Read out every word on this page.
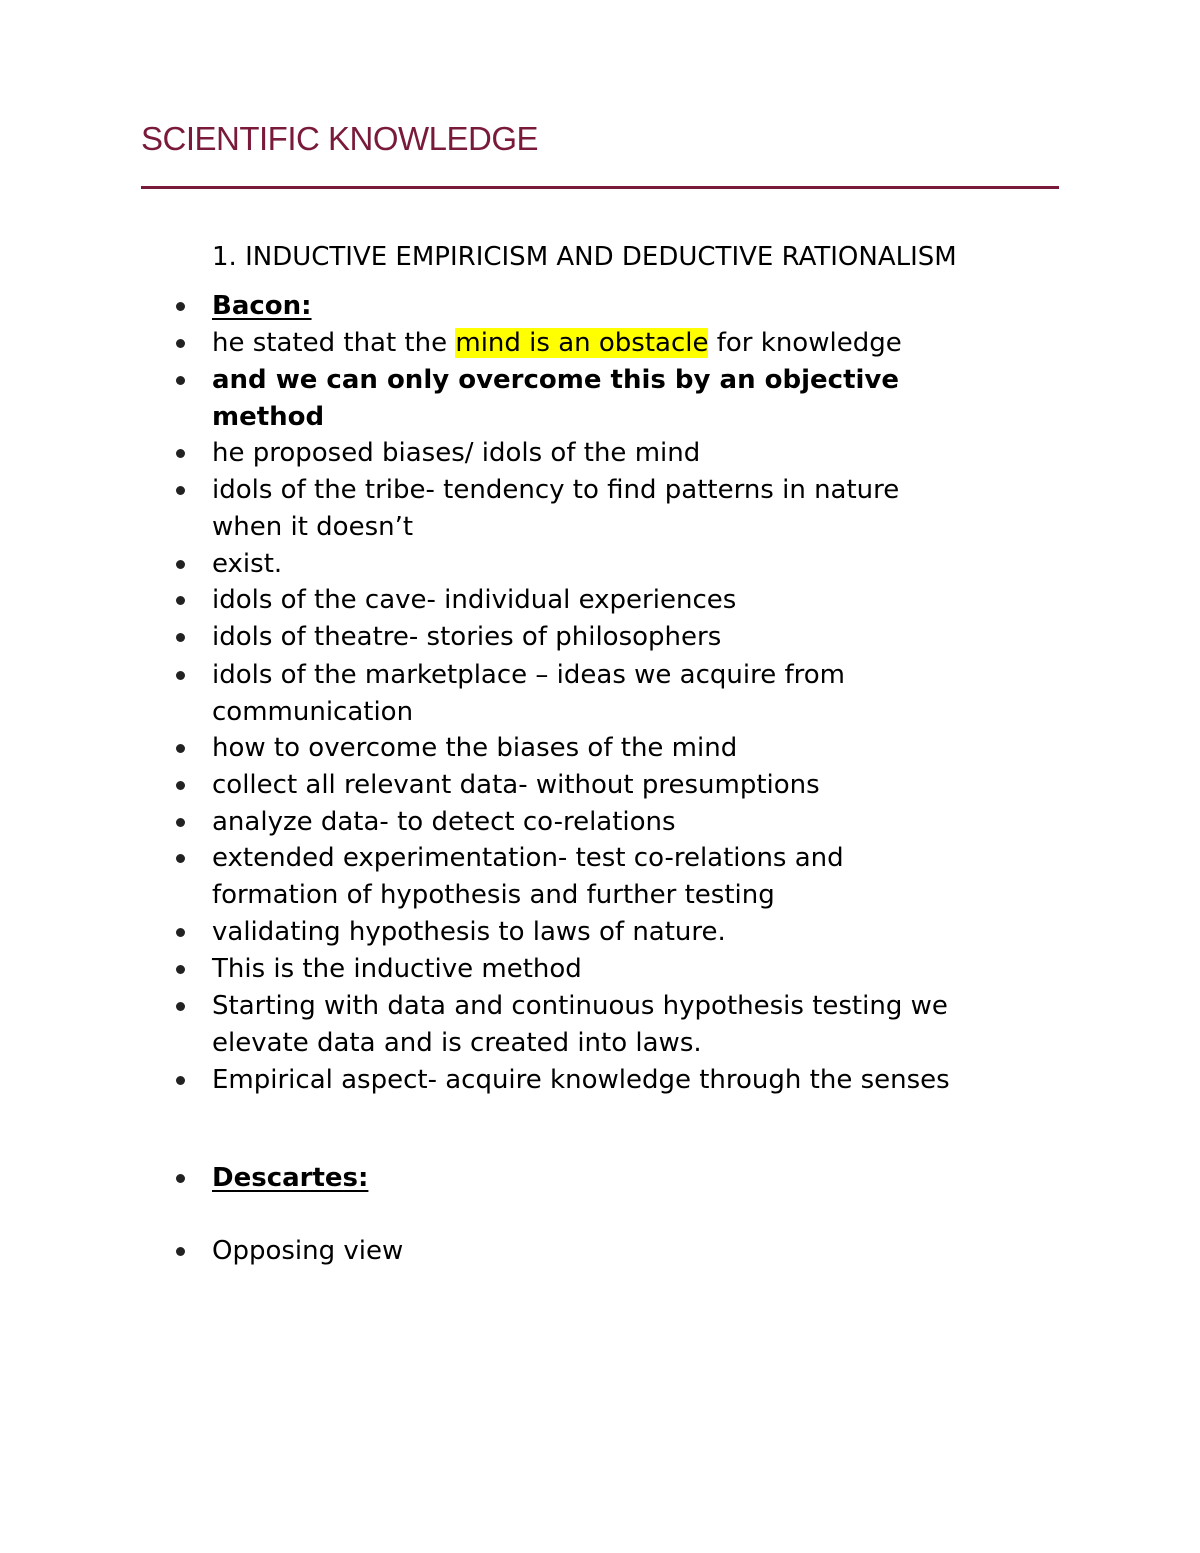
SCIENTIFIC KNOWLEDGE
1. INDUCTIVE EMPIRICISM AND DEDUCTIVE RATIONALISM
Bacon:
he stated that the mind is an obstacle for knowledge
and we can only overcome this by an objective
method
he proposed biases/ idols of the mind
idols of the tribe- tendency to find patterns in nature
when it doesn’t
exist.
idols of the cave- individual experiences
idols of theatre- stories of philosophers
idols of the marketplace – ideas we acquire from
communication
how to overcome the biases of the mind
collect all relevant data- without presumptions
analyze data- to detect co-relations
extended experimentation- test co-relations and
formation of hypothesis and further testing
validating hypothesis to laws of nature.
This is the inductive method
Starting with data and continuous hypothesis testing we
elevate data and is created into laws.
Empirical aspect- acquire knowledge through the senses
Descartes:
Opposing view
